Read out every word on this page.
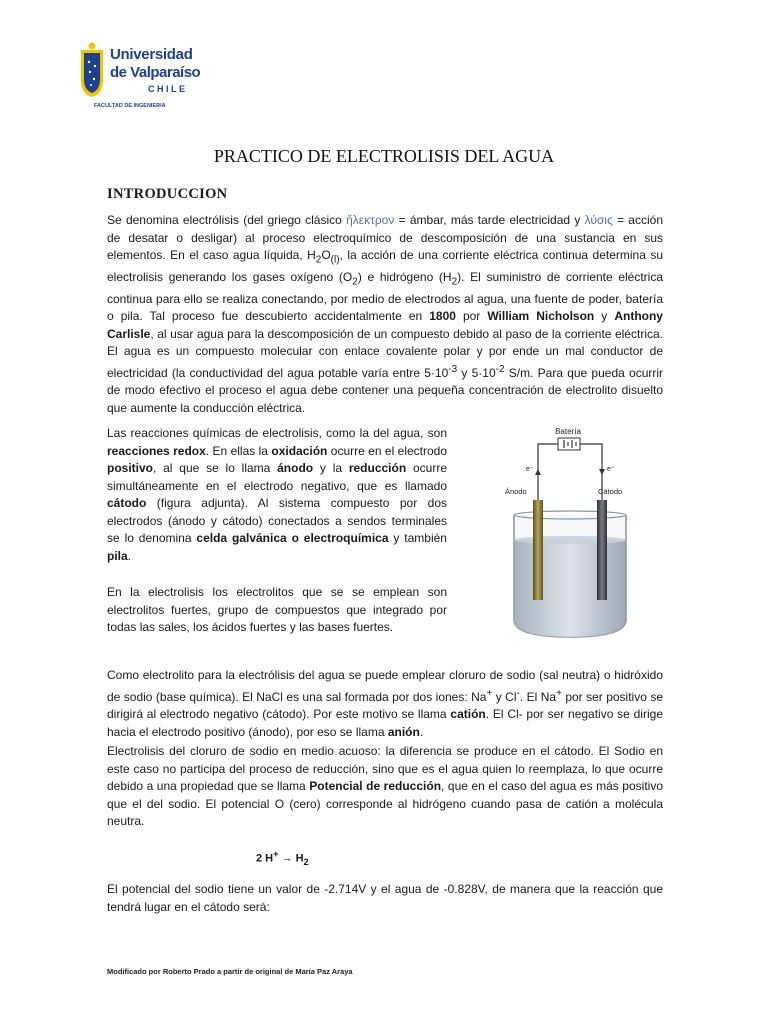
Universidad
de Valparaíso
CHILE
FACULTAD DE INGENIERIA
PRACTICO DE ELECTROLISIS DEL AGUA
INTRODUCCION

Se denomina electrólisis (del griego clásico ἤλεκτρον = ámbar, más tarde electricidad y λύσις = acción de desatar o desligar) al proceso electroquímico de descomposición de una sustancia en sus elementos. En el caso agua líquida, $H_2O_{(l)}$, la acción de una corriente eléctrica continua determina su electrolisis generando los gases oxígeno $(O_2)$ e hidrógeno $(H_2)$. El suministro de corriente eléctrica continua para ello se realiza conectando, por medio de electrodos al agua, una fuente de poder, batería o pila. Tal proceso fue descubierto accidentalmente en 1800 por William Nicholson y Anthony Carlisle, al usar agua para la descomposición de un compuesto debido al paso de la corriente eléctrica. El agua es un compuesto molecular con enlace covalente polar y por ende un mal conductor de electricidad (la conductividad del agua potable varía entre $5\cdot 10^{-3}$ y $5\cdot 10^{-2}$ S/m. Para que pueda ocurrir de modo efectivo el proceso el agua debe contener una pequeña concentración de electrolito disuelto que aumente la conducción eléctrica.

Las reacciones químicas de electrolisis, como la del agua, son reacciones redox. En ellas la oxidación ocurre en el electrodo positivo, al que se lo llama ánodo y la reducción ocurre simultáneamente en el electrodo negativo, que es llamado cátodo (figura adjunta). Al sistema compuesto por dos electrodos (ánodo y cátodo) conectados a sendos terminales se lo denomina celda galvánica o electroquímica y también pila.

En la electrolisis los electrolitos que se se emplean son electrolitos fuertes, grupo de compuestos que integrado por todas las sales, los ácidos fuertes y las bases fuertes.

Batería
e⁻	e⁻
Ánodo	Cátodo

Como electrolito para la electrólisis del agua se puede emplear cloruro de sodio (sal neutra) o hidróxido de sodio (base química). El NaCl es una sal formada por dos iones: Na+ y Cl-. El Na+ por ser positivo se dirigirá al electrodo negativo (cátodo). Por este motivo se llama catión. El Cl- por ser negativo se dirige hacia el electrodo positivo (ánodo), por eso se llama anión.

Electrolisis del cloruro de sodio en medio acuoso: la diferencia se produce en el cátodo. El Sodio en este caso no participa del proceso de reducción, sino que es el agua quien lo reemplaza, lo que ocurre debido a una propiedad que se llama Potencial de reducción, que en el caso del agua es más positivo que el del sodio. El potencial O (cero) corresponde al hidrógeno cuando pasa de catión a molécula neutra.

2 $H^+ \to H_2$

El potencial del sodio tiene un valor de -2.714V y el agua de -0.828V, de manera que la reacción que tendrá lugar en el cátodo será:

Modificado por Roberto Prado a partir de original de María Paz Araya
